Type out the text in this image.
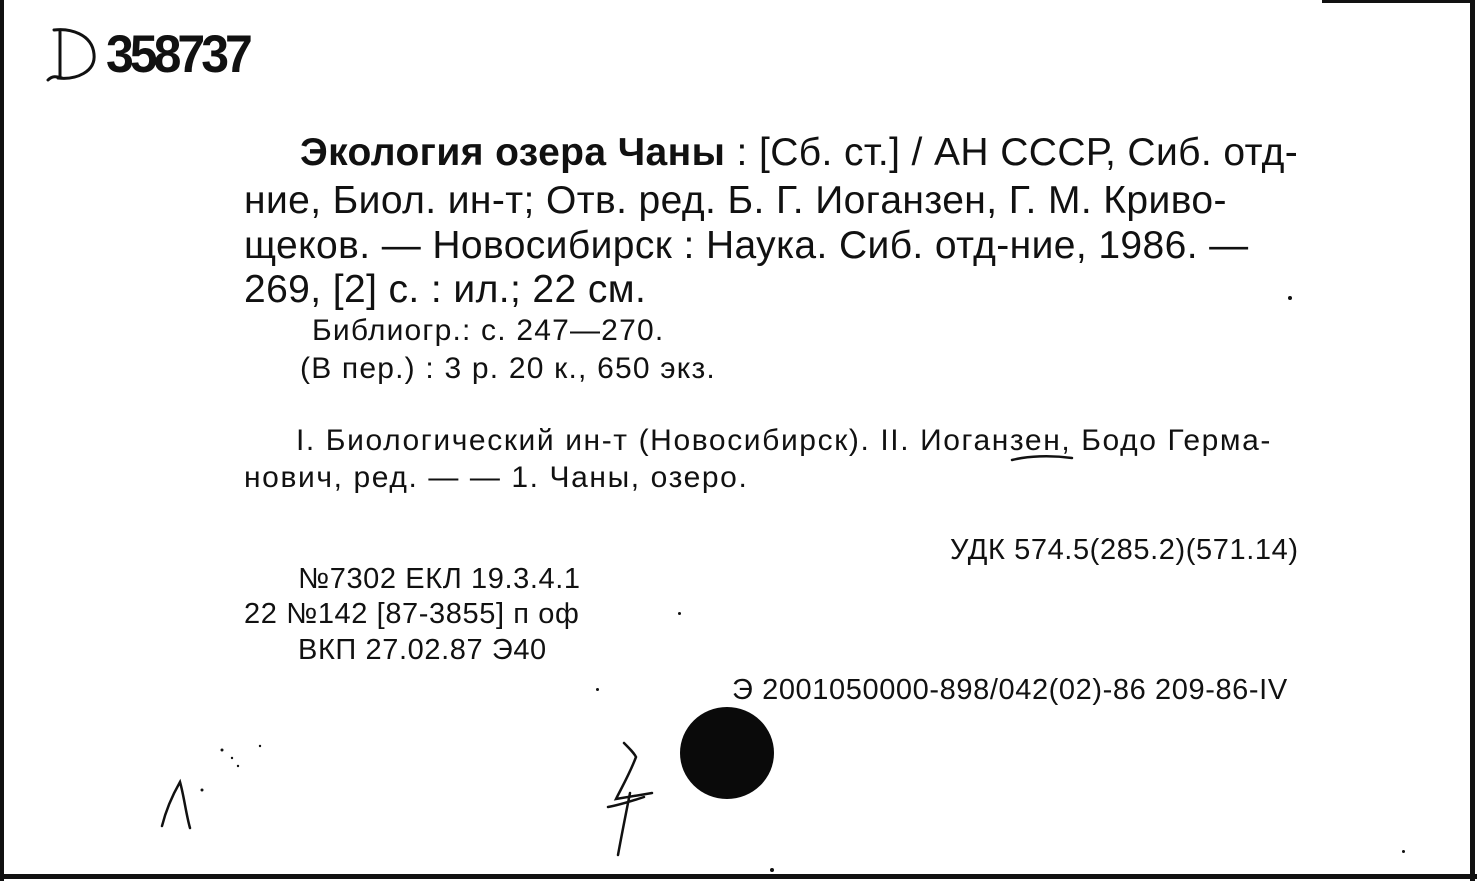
358737
Экология озера Чаны : [Сб. ст.] / АН СССР, Сиб. отд-
ние, Биол. ин-т; Отв. ред. Б. Г. Иогaнзен, Г. М. Криво-
щеков. — Новосибирск : Наука. Сиб. отд-ние, 1986. —
269, [2] с. : ил.; 22 см.
Библиогр.: с. 247—270.
(В пер.) : 3 р. 20 к., 650 экз.
I. Биологический ин-т (Новосибирск). II. Иоганзен, Бодо Герма-
нович, ред. — — 1. Чаны, озеро.
УДК 574.5(285.2)(571.14)
№7302 ЕКЛ 19.3.4.1
22 №142 [87-3855] п оф
ВКП 27.02.87 Э40
Э 2001050000-898/042(02)-86 209-86-IV
